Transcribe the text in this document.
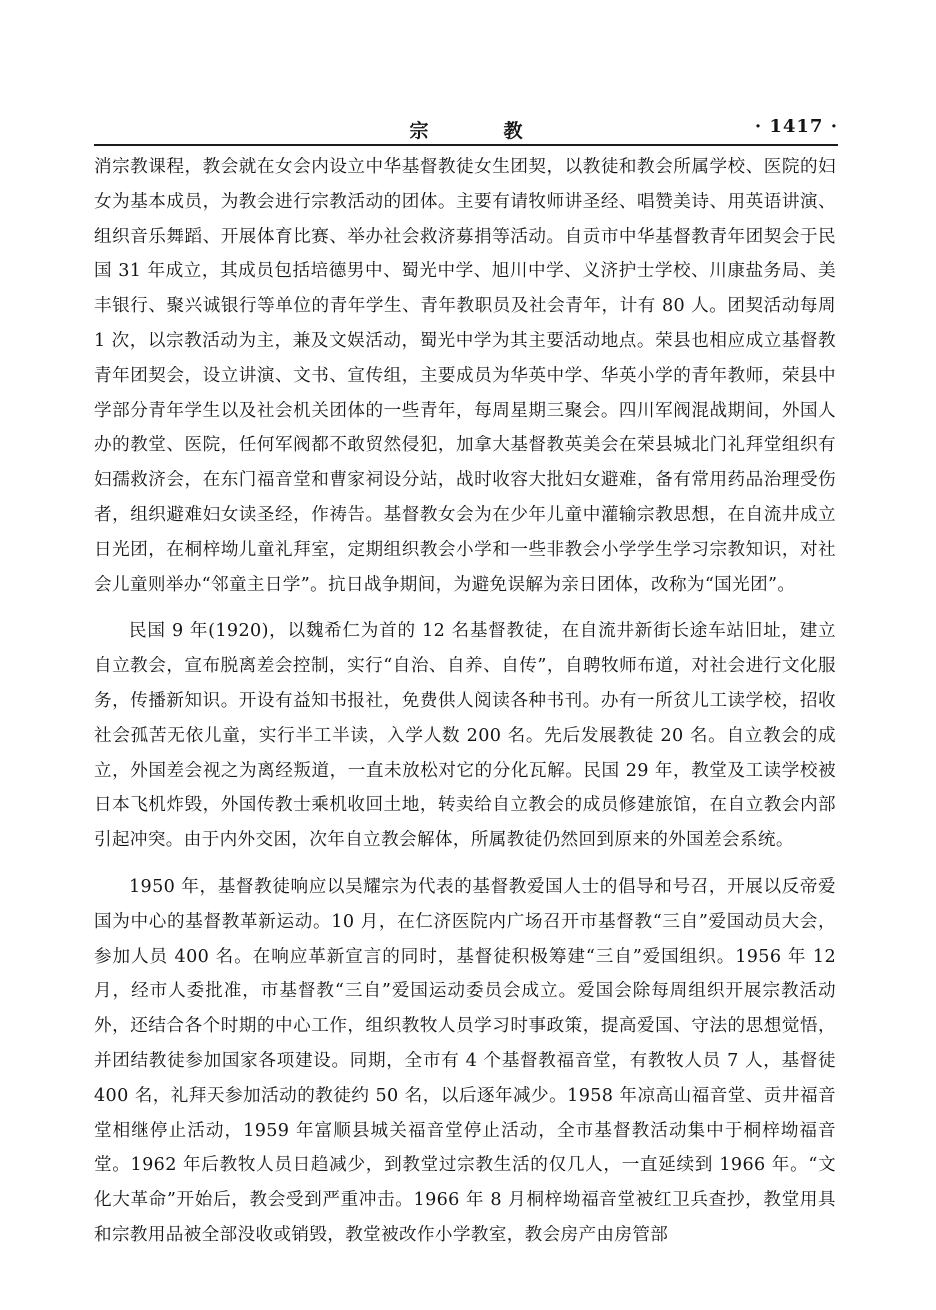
宗　教	· 1417 ·

消宗教课程，教会就在女会内设立中华基督教徒女生团契，以教徒和教会所属学校、医院的妇女为基本成员，为教会进行宗教活动的团体。主要有请牧师讲圣经、唱赞美诗、用英语讲演、组织音乐舞蹈、开展体育比赛、举办社会救济募捐等活动。自贡市中华基督教青年团契会于民国 31 年成立，其成员包括培德男中、蜀光中学、旭川中学、义济护士学校、川康盐务局、美丰银行、聚兴诚银行等单位的青年学生、青年教职员及社会青年，计有 80 人。团契活动每周 1 次，以宗教活动为主，兼及文娱活动，蜀光中学为其主要活动地点。荣县也相应成立基督教青年团契会，设立讲演、文书、宣传组，主要成员为华英中学、华英小学的青年教师，荣县中学部分青年学生以及社会机关团体的一些青年，每周星期三聚会。四川军阀混战期间，外国人办的教堂、医院，任何军阀都不敢贸然侵犯，加拿大基督教英美会在荣县城北门礼拜堂组织有妇孺救济会，在东门福音堂和曹家祠设分站，战时收容大批妇女避难，备有常用药品治理受伤者，组织避难妇女读圣经，作祷告。基督教女会为在少年儿童中灌输宗教思想，在自流井成立日光团，在桐梓坳儿童礼拜室，定期组织教会小学和一些非教会小学学生学习宗教知识，对社会儿童则举办“邻童主日学”。抗日战争期间，为避免误解为亲日团体，改称为“国光团”。

民国 9 年(1920)，以魏希仁为首的 12 名基督教徒，在自流井新街长途车站旧址，建立自立教会，宣布脱离差会控制，实行“自治、自养、自传”，自聘牧师布道，对社会进行文化服务，传播新知识。开设有益知书报社，免费供人阅读各种书刊。办有一所贫儿工读学校，招收社会孤苦无依儿童，实行半工半读，入学人数 200 名。先后发展教徒 20 名。自立教会的成立，外国差会视之为离经叛道，一直未放松对它的分化瓦解。民国 29 年，教堂及工读学校被日本飞机炸毁，外国传教士乘机收回土地，转卖给自立教会的成员修建旅馆，在自立教会内部引起冲突。由于内外交困，次年自立教会解体，所属教徒仍然回到原来的外国差会系统。

1950 年，基督教徒响应以吴耀宗为代表的基督教爱国人士的倡导和号召，开展以反帝爱国为中心的基督教革新运动。10 月，在仁济医院内广场召开市基督教“三自”爱国动员大会，参加人员 400 名。在响应革新宣言的同时，基督徒积极筹建“三自”爱国组织。1956 年 12 月，经市人委批准，市基督教“三自”爱国运动委员会成立。爱国会除每周组织开展宗教活动外，还结合各个时期的中心工作，组织教牧人员学习时事政策，提高爱国、守法的思想觉悟，并团结教徒参加国家各项建设。同期，全市有 4 个基督教福音堂，有教牧人员 7 人，基督徒 400 名，礼拜天参加活动的教徒约 50 名，以后逐年减少。1958 年凉高山福音堂、贡井福音堂相继停止活动，1959 年富顺县城关福音堂停止活动，全市基督教活动集中于桐梓坳福音堂。1962 年后教牧人员日趋减少，到教堂过宗教生活的仅几人，一直延续到 1966 年。“文化大革命”开始后，教会受到严重冲击。1966 年 8 月桐梓坳福音堂被红卫兵查抄，教堂用具和宗教用品被全部没收或销毁，教堂被改作小学教室，教会房产由房管部
